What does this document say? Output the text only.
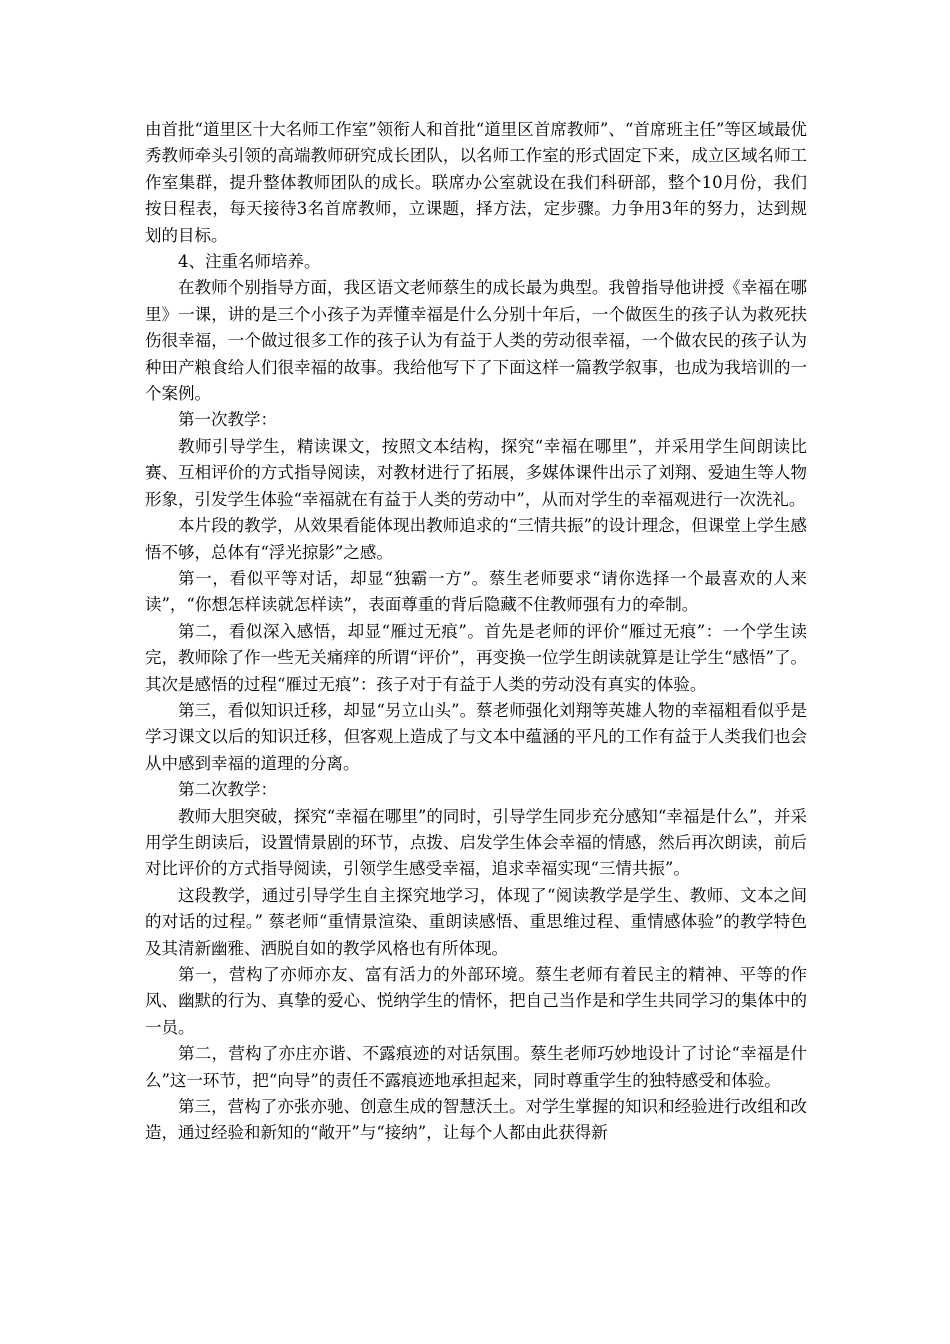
由首批“道里区十大名师工作室”领衔人和首批“道里区首席教师”、“首席班主任”等区域最优秀教师牵头引领的高端教师研究成长团队，以名师工作室的形式固定下来，成立区域名师工作室集群，提升整体教师团队的成长。联席办公室就设在我们科研部，整个10月份，我们按日程表，每天接待3名首席教师，立课题，择方法，定步骤。力争用3年的努力，达到规划的目标。

4、注重名师培养。

在教师个别指导方面，我区语文老师蔡生的成长最为典型。我曾指导他讲授《幸福在哪里》一课，讲的是三个小孩子为弄懂幸福是什么分别十年后，一个做医生的孩子认为救死扶伤很幸福，一个做过很多工作的孩子认为有益于人类的劳动很幸福，一个做农民的孩子认为种田产粮食给人们很幸福的故事。我给他写下了下面这样一篇教学叙事，也成为我培训的一个案例。

第一次教学：

教师引导学生，精读课文，按照文本结构，探究“幸福在哪里”，并采用学生间朗读比赛、互相评价的方式指导阅读，对教材进行了拓展，多媒体课件出示了刘翔、爱迪生等人物形象，引发学生体验“幸福就在有益于人类的劳动中”，从而对学生的幸福观进行一次洗礼。

本片段的教学，从效果看能体现出教师追求的“三情共振”的设计理念，但课堂上学生感悟不够，总体有“浮光掠影”之感。

第一，看似平等对话，却显“独霸一方”。蔡生老师要求“请你选择一个最喜欢的人来读”，“你想怎样读就怎样读”，表面尊重的背后隐藏不住教师强有力的牵制。

第二，看似深入感悟，却显“雁过无痕”。首先是老师的评价“雁过无痕”：一个学生读完，教师除了作一些无关痛痒的所谓“评价”，再变换一位学生朗读就算是让学生“感悟”了。其次是感悟的过程“雁过无痕”：孩子对于有益于人类的劳动没有真实的体验。

第三，看似知识迁移，却显“另立山头”。蔡老师强化刘翔等英雄人物的幸福粗看似乎是学习课文以后的知识迁移，但客观上造成了与文本中蕴涵的平凡的工作有益于人类我们也会从中感到幸福的道理的分离。

第二次教学：

教师大胆突破，探究“幸福在哪里”的同时，引导学生同步充分感知“幸福是什么”，并采用学生朗读后，设置情景剧的环节，点拨、启发学生体会幸福的情感，然后再次朗读，前后对比评价的方式指导阅读，引领学生感受幸福，追求幸福实现“三情共振”。

这段教学，通过引导学生自主探究地学习，体现了“阅读教学是学生、教师、文本之间的对话的过程。” 蔡老师“重情景渲染、重朗读感悟、重思维过程、重情感体验”的教学特色及其清新幽雅、洒脱自如的教学风格也有所体现。

第一，营构了亦师亦友、富有活力的外部环境。蔡生老师有着民主的精神、平等的作风、幽默的行为、真挚的爱心、悦纳学生的情怀，把自己当作是和学生共同学习的集体中的一员。

第二，营构了亦庄亦谐、不露痕迹的对话氛围。蔡生老师巧妙地设计了讨论“幸福是什么”这一环节，把“向导”的责任不露痕迹地承担起来，同时尊重学生的独特感受和体验。

第三，营构了亦张亦驰、创意生成的智慧沃土。对学生掌握的知识和经验进行改组和改造，通过经验和新知的“敞开”与“接纳”，让每个人都由此获得新
